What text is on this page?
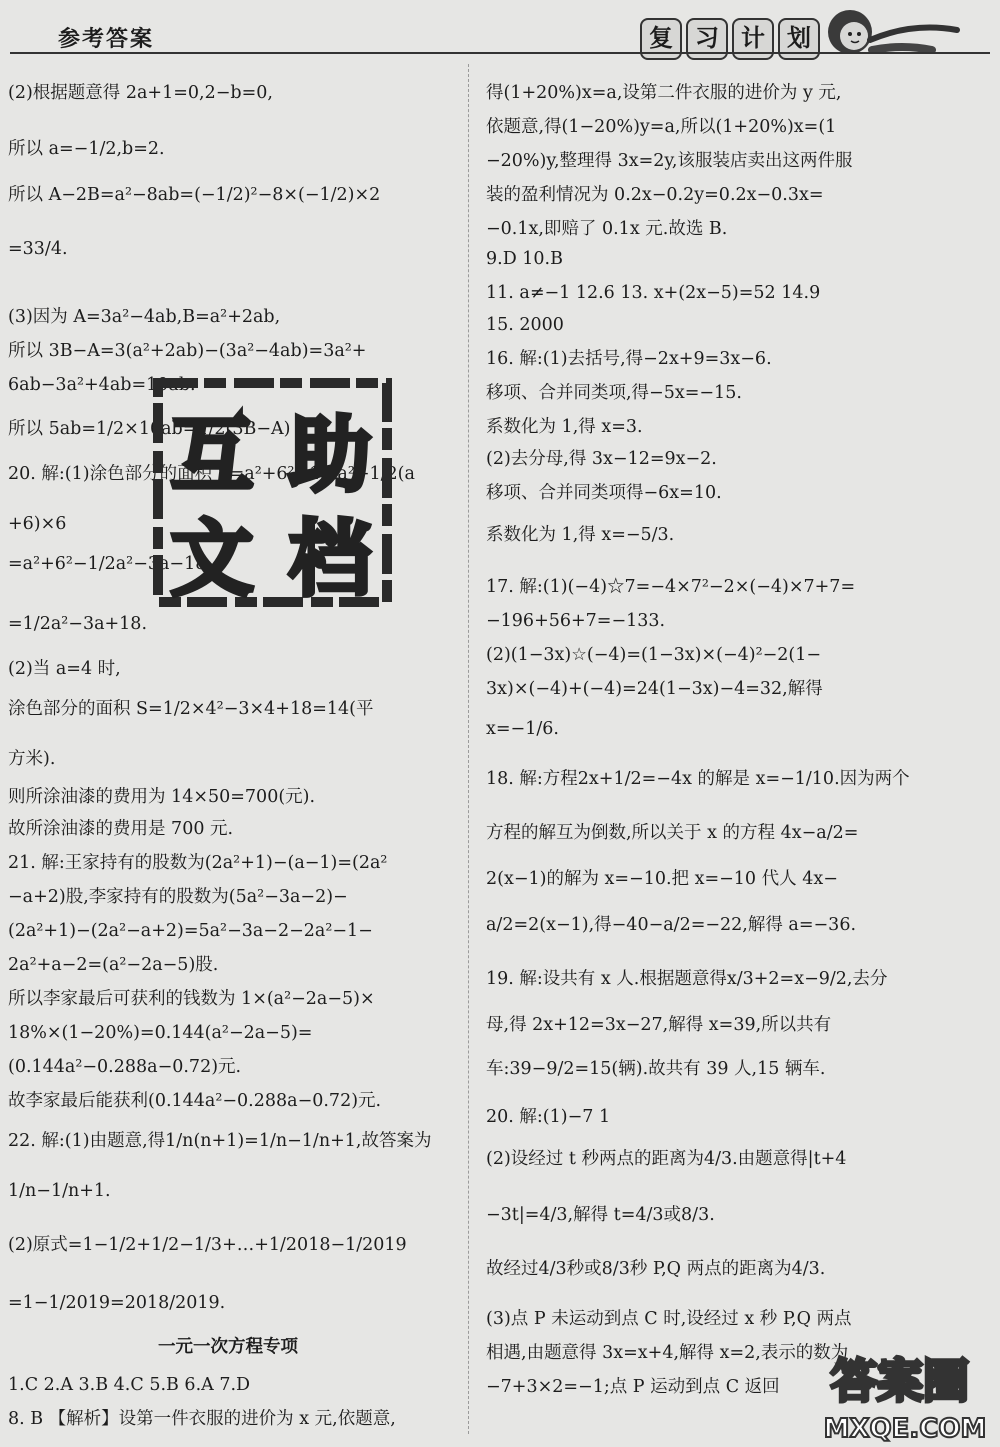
参考答案	复 习 计 划
(2)根据题意得 2a+1=0,2−b=0,
所以 a=−1/2,b=2.
所以 A−2B=a²−8ab=(−1/2)²−8×(−1/2)×2
=33/4.
(3)因为 A=3a²−4ab,B=a²+2ab,
所以 3B−A=3(a²+2ab)−(3a²−4ab)=3a²+
6ab−3a²+4ab=10ab.
所以 5ab=1/2×10ab=1/2(3B−A)
20. 解:(1)涂色部分的面积 S=a²+6²−1/2a²−1/2(a
+6)×6
=a²+6²−1/2a²−3a−18
=1/2a²−3a+18.
(2)当 a=4 时,
涂色部分的面积 S=1/2×4²−3×4+18=14(平
方米).
则所涂油漆的费用为 14×50=700(元).
故所涂油漆的费用是 700 元.
21. 解:王家持有的股数为(2a²+1)−(a−1)=(2a²
−a+2)股,李家持有的股数为(5a²−3a−2)−
(2a²+1)−(2a²−a+2)=5a²−3a−2−2a²−1−
2a²+a−2=(a²−2a−5)股.
所以李家最后可获利的钱数为 1×(a²−2a−5)×
18%×(1−20%)=0.144(a²−2a−5)=
(0.144a²−0.288a−0.72)元.
故李家最后能获利(0.144a²−0.288a−0.72)元.
22. 解:(1)由题意,得1/n(n+1)=1/n−1/n+1,故答案为
1/n−1/n+1.
(2)原式=1−1/2+1/2−1/3+…+1/2018−1/2019
=1−1/2019=2018/2019.
1.C 2.A 3.B 4.C 5.B 6.A 7.D
8. B 【解析】设第一件衣服的进价为 x 元,依题意,
一元一次方程专项
得(1+20%)x=a,设第二件衣服的进价为 y 元,
依题意,得(1−20%)y=a,所以(1+20%)x=(1
−20%)y,整理得 3x=2y,该服装店卖出这两件服
装的盈利情况为 0.2x−0.2y=0.2x−0.3x=
−0.1x,即赔了 0.1x 元.故选 B.
9.D 10.B
11. a≠−1 12.6 13. x+(2x−5)=52 14.9
15. 2000
16. 解:(1)去括号,得−2x+9=3x−6.
移项、合并同类项,得−5x=−15.
系数化为 1,得 x=3.
(2)去分母,得 3x−12=9x−2.
移项、合并同类项得−6x=10.
系数化为 1,得 x=−5/3.
17. 解:(1)(−4)☆7=−4×7²−2×(−4)×7+7=
−196+56+7=−133.
(2)(1−3x)☆(−4)=(1−3x)×(−4)²−2(1−
3x)×(−4)+(−4)=24(1−3x)−4=32,解得
x=−1/6.
18. 解:方程2x+1/2=−4x 的解是 x=−1/10.因为两个
方程的解互为倒数,所以关于 x 的方程 4x−a/2=
2(x−1)的解为 x=−10.把 x=−10 代人 4x−
a/2=2(x−1),得−40−a/2=−22,解得 a=−36.
19. 解:设共有 x 人.根据题意得x/3+2=x−9/2,去分
母,得 2x+12=3x−27,解得 x=39,所以共有
车:39−9/2=15(辆).故共有 39 人,15 辆车.
20. 解:(1)−7 1
(2)设经过 t 秒两点的距离为4/3.由题意得|t+4
−3t|=4/3,解得 t=4/3或8/3.
故经过4/3秒或8/3秒 P,Q 两点的距离为4/3.
(3)点 P 未运动到点 C 时,设经过 x 秒 P,Q 两点
相遇,由题意得 3x=x+4,解得 x=2,表示的数为
−7+3×2=−1;点 P 运动到点 C 返回
互 助
文 档
答案圈
MXQE.COM
